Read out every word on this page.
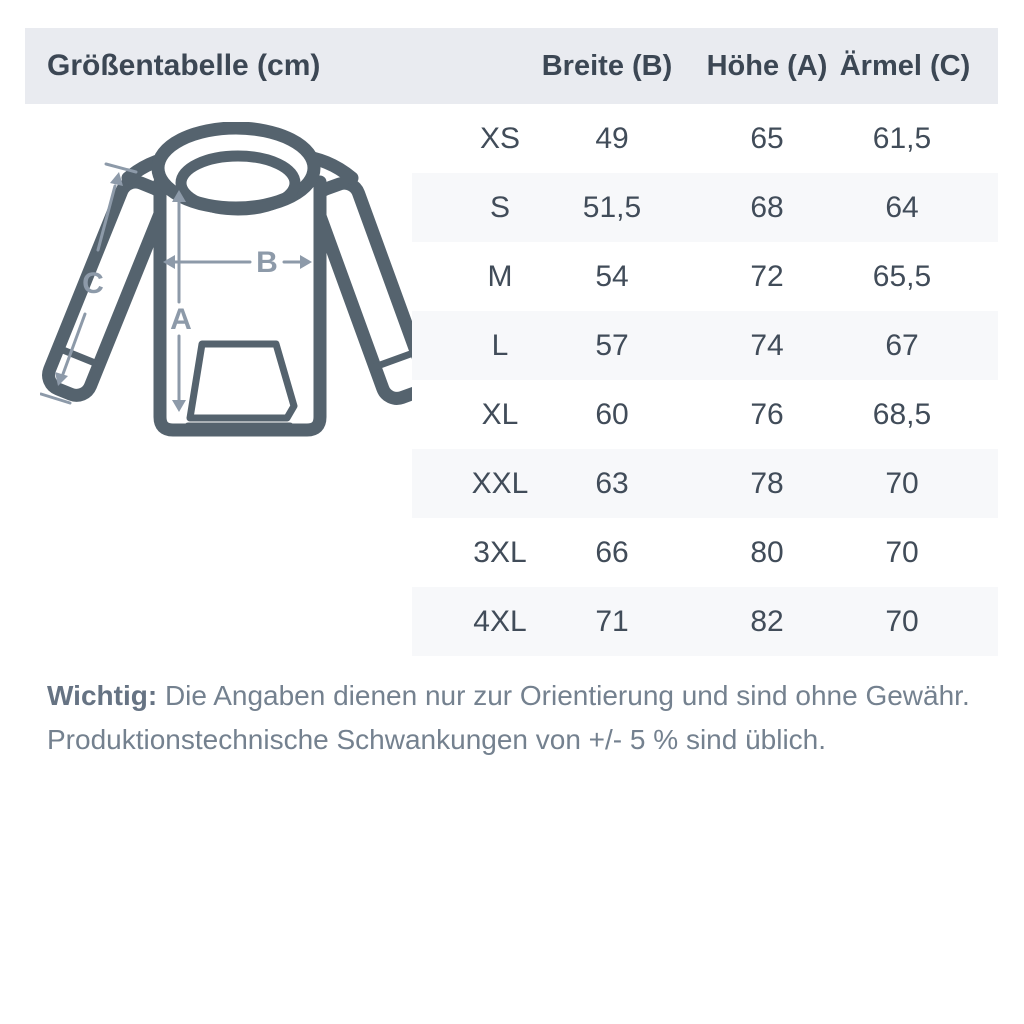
Größentabelle (cm)	Breite (B) Höhe (A) Ärmel (C)
A
B
C
XS	49	65	61,5
S 51,5	68	64
M	54	72	65,5
L	57	74	67
XL	60	76	68,5
XXL 63	78	70
3XL 66	80	70
4XL 71	82	70
Wichtig: Die Angaben dienen nur zur Orientierung und sind ohne Gewähr.
Produktionstechnische Schwankungen von +/- 5 % sind üblich.
